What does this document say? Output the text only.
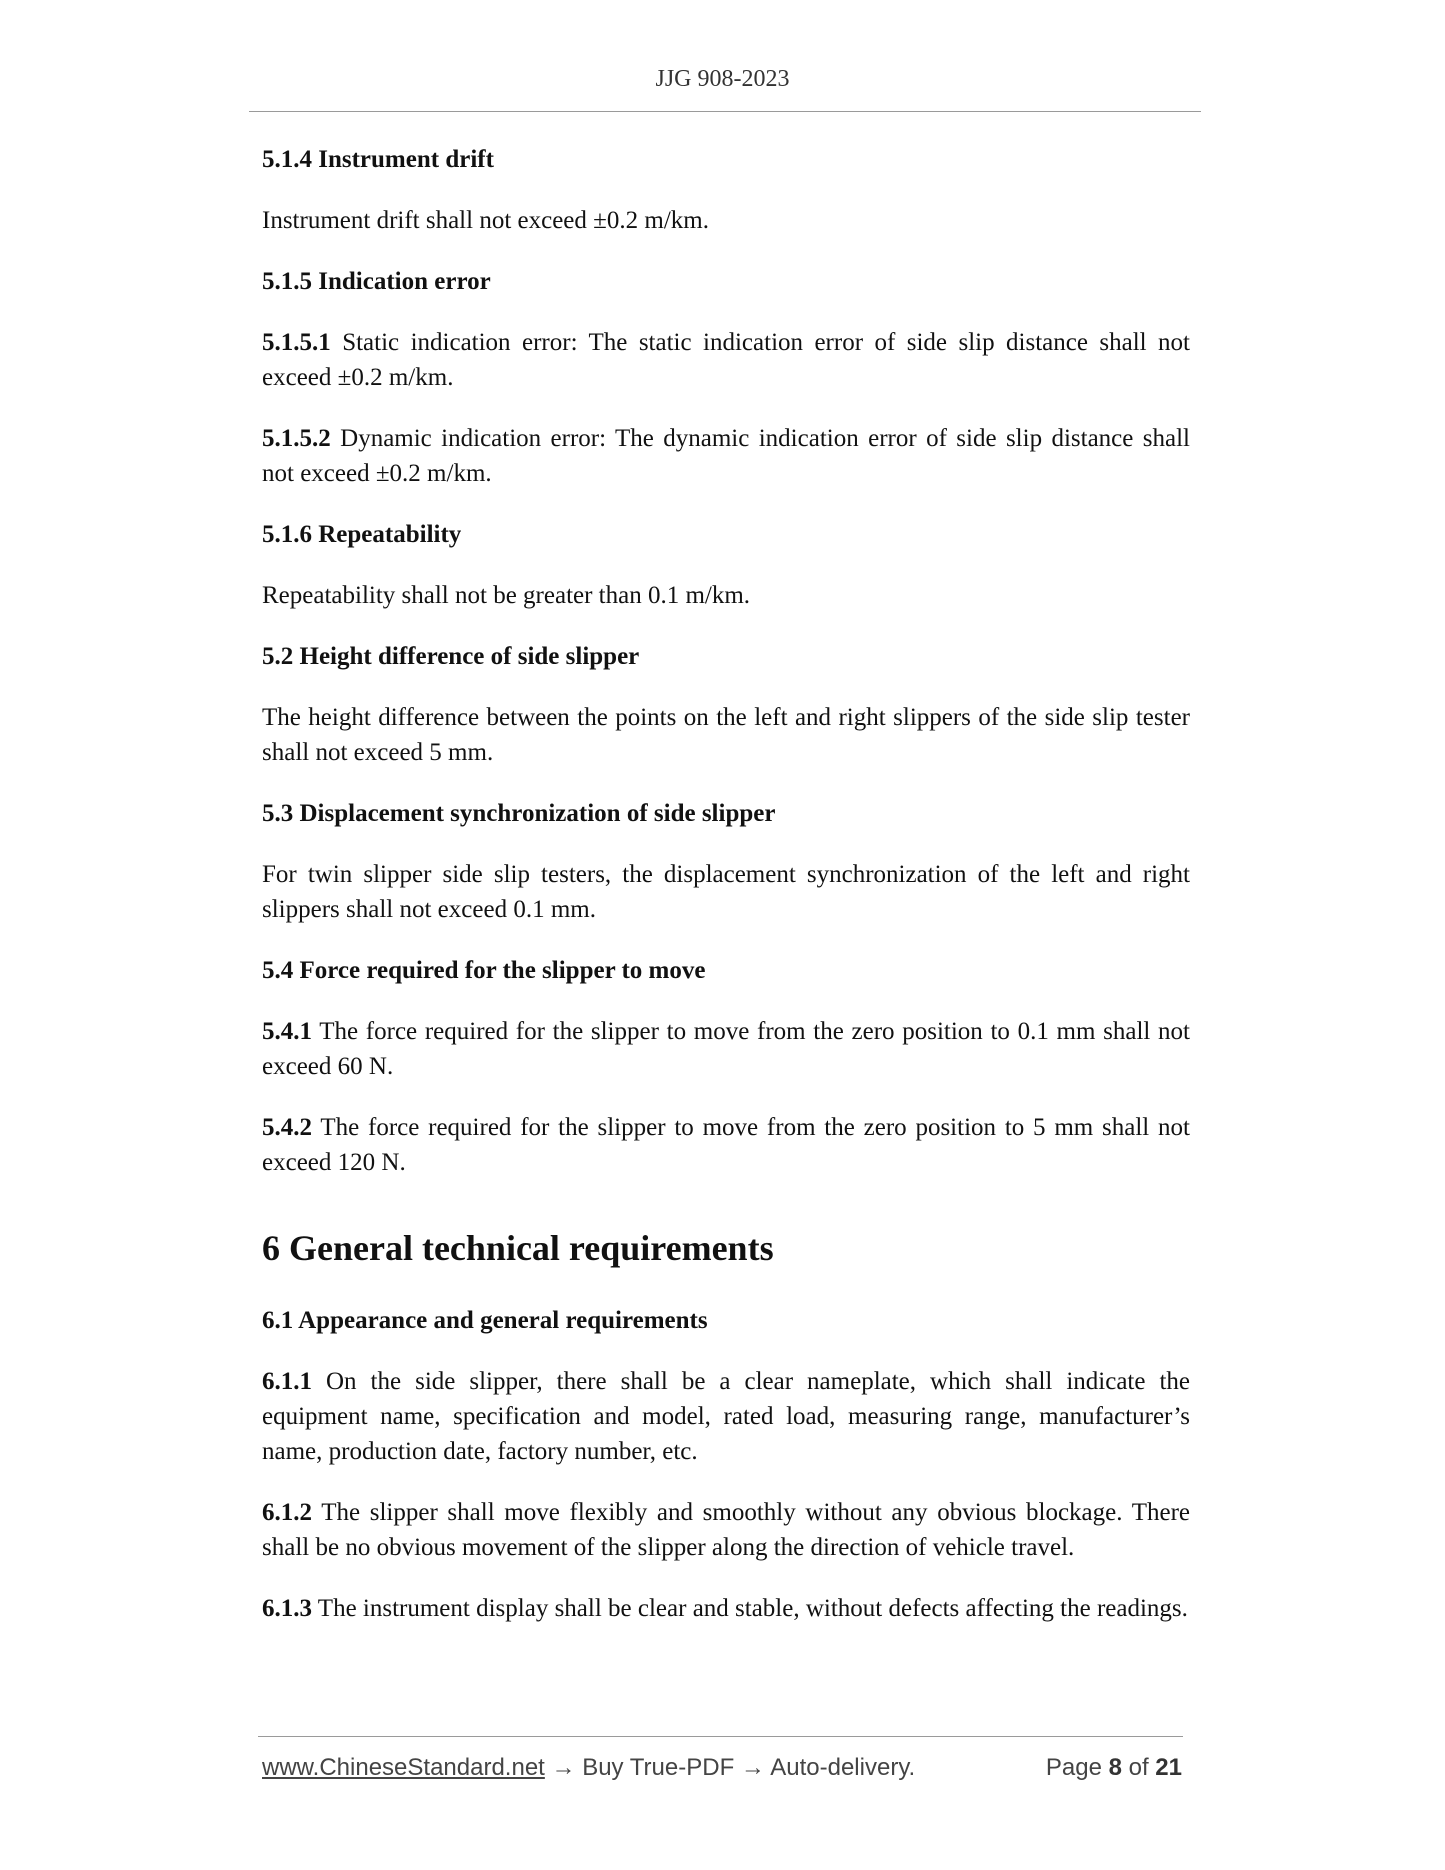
JJG 908-2023
5.1.4 Instrument drift
Instrument drift shall not exceed ±0.2 m/km.
5.1.5 Indication error
5.1.5.1 Static indication error: The static indication error of side slip distance shall not exceed ±0.2 m/km.
5.1.5.2 Dynamic indication error: The dynamic indication error of side slip distance shall not exceed ±0.2 m/km.
5.1.6 Repeatability
Repeatability shall not be greater than 0.1 m/km.
5.2 Height difference of side slipper
The height difference between the points on the left and right slippers of the side slip tester shall not exceed 5 mm.
5.3 Displacement synchronization of side slipper
For twin slipper side slip testers, the displacement synchronization of the left and right slippers shall not exceed 0.1 mm.
5.4 Force required for the slipper to move
5.4.1 The force required for the slipper to move from the zero position to 0.1 mm shall not exceed 60 N.
5.4.2 The force required for the slipper to move from the zero position to 5 mm shall not exceed 120 N.
6 General technical requirements
6.1 Appearance and general requirements
6.1.1 On the side slipper, there shall be a clear nameplate, which shall indicate the equipment name, specification and model, rated load, measuring range, manufacturer’s name, production date, factory number, etc.
6.1.2 The slipper shall move flexibly and smoothly without any obvious blockage. There shall be no obvious movement of the slipper along the direction of vehicle travel.
6.1.3 The instrument display shall be clear and stable, without defects affecting the readings.
www.ChineseStandard.net → Buy True-PDF → Auto-delivery.	Page 8 of 21
